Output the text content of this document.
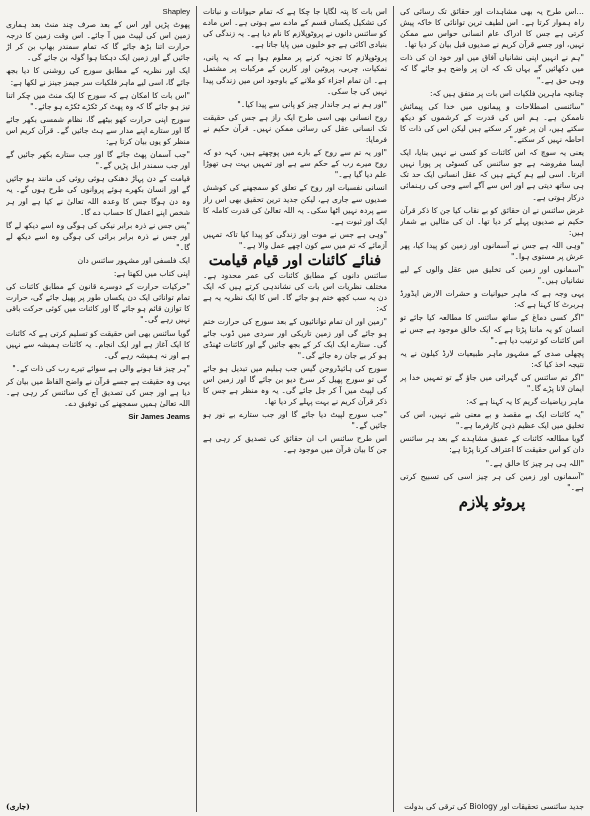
…اس طرح یہ بھی مشاہدات اور حقائق تک رسائی کی راہ ہموار کرتا ہے۔ اس لطیف ترین توانائی کا خاکہ پیش کرتی ہے جس کا ادراک عام انسانی حواس سے ممکن نہیں، اور جسے قرآن کریم نے صدیوں قبل بیان کر دیا تھا۔

"ہم نے انہیں اپنی نشانیاں آفاق میں اور خود ان کی ذات میں دکھائیں گے یہاں تک کہ ان پر واضح ہو جائے گا کہ وہی حق ہے۔"

چنانچہ ماہرین فلکیات اس بات پر متفق ہیں کہ:

"سائنسی اصطلاحات و پیمانوں میں خدا کی پیمائش ناممکن ہے۔ ہم اس کی قدرت کے کرشموں کو دیکھ سکتے ہیں، ان پر غور کر سکتے ہیں لیکن اس کی ذات کا احاطہ نہیں کر سکتے۔"

یعنی یہ سوچ کہ اس کائنات کو کسی نے نہیں بنایا، ایک ایسا مفروضہ ہے جو سائنس کی کسوٹی پر پورا نہیں اترتا۔ اسی لیے ہم کہتے ہیں کہ عقل انسانی ایک حد تک ہی ساتھ دیتی ہے اور اس سے آگے اسے وحی کی رہنمائی درکار ہوتی ہے۔

غرض سائنس نے ان حقائق کو بے نقاب کیا جن کا ذکر قرآن حکیم نے صدیوں پہلے کر دیا تھا۔ ان کی مثالیں بے شمار ہیں:

"وہی اللہ ہے جس نے آسمانوں اور زمین کو پیدا کیا، پھر عرش پر مستوی ہوا۔"

"آسمانوں اور زمین کی تخلیق میں عقل والوں کے لیے نشانیاں ہیں۔"

یہی وجہ ہے کہ ماہر حیوانیات و حشرات الارض ایڈورڈ ہربرٹ کا کہنا ہے کہ:

"اگر کسی دماغ کے ساتھ سائنس کا مطالعہ کیا جائے تو انسان کو یہ ماننا پڑتا ہے کہ ایک خالق موجود ہے جس نے اس کائنات کو ترتیب دیا ہے۔"

پچھلی صدی کے مشہور ماہر طبیعیات لارڈ کیلون نے یہ نتیجہ اخذ کیا کہ:

"اگر تم سائنس کی گہرائی میں جاؤ گے تو تمہیں خدا پر ایمان لانا پڑے گا۔"

ماہر ریاضیات گریم کا یہ کہنا ہے کہ:

"یہ کائنات ایک بے مقصد و بے معنی شے نہیں، اس کی تخلیق میں ایک عظیم ذہن کارفرما ہے۔"

گویا مطالعہ کائنات کے عمیق مشاہدے کے بعد ہر سائنس دان کو اس حقیقت کا اعتراف کرنا پڑتا ہے:

"اللہ ہی ہر چیز کا خالق ہے۔"

"آسمانوں اور زمین کی ہر چیز اسی کی تسبیح کرتی ہے۔"

پروٹو پلازم
جدید سائنسی تحقیقات اور Biology کی ترقی کی بدولت

اس بات کا پتہ لگایا جا چکا ہے کہ تمام حیوانات و نباتات کی تشکیل یکساں قسم کے مادے سے ہوتی ہے۔ اس مادے کو سائنس دانوں نے پروٹوپلازم کا نام دیا ہے۔ یہ زندگی کی بنیادی اکائی ہے جو خلیوں میں پایا جاتا ہے۔

پروٹوپلازم کا تجزیہ کرنے پر معلوم ہوا ہے کہ یہ پانی، نمکیات، چربی، پروٹین اور کاربن کے مرکبات پر مشتمل ہے۔ ان تمام اجزاء کو ملانے کے باوجود اس میں زندگی پیدا نہیں کی جا سکی۔

"اور ہم نے ہر جاندار چیز کو پانی سے پیدا کیا۔"

روح انسانی بھی اسی طرح ایک راز ہے جس کی حقیقت تک انسانی عقل کی رسائی ممکن نہیں۔ قرآن حکیم نے فرمایا:

"اور یہ تم سے روح کے بارے میں پوچھتے ہیں، کہہ دو کہ روح میرے رب کے حکم سے ہے اور تمہیں بہت ہی تھوڑا علم دیا گیا ہے۔"

انسانی نفسیات اور روح کے تعلق کو سمجھنے کی کوشش صدیوں سے جاری ہے، لیکن جدید ترین تحقیق بھی اس راز سے پردہ نہیں اٹھا سکی۔ یہ اللہ تعالیٰ کی قدرت کاملہ کا ایک اور ثبوت ہے۔

"وہی ہے جس نے موت اور زندگی کو پیدا کیا تاکہ تمہیں آزمائے کہ تم میں سے کون اچھے عمل والا ہے۔"

فنائے کائنات اور قیام قیامت

سائنس دانوں کے مطابق کائنات کی عمر محدود ہے۔ مختلف نظریات اس بات کی نشاندہی کرتے ہیں کہ ایک دن یہ سب کچھ ختم ہو جائے گا۔ اس کا ایک نظریہ یہ ہے کہ:

"زمین اور ان تمام توانائیوں کے بعد سورج کی حرارت ختم ہو جائے گی اور زمین تاریکی اور سردی میں ڈوب جائے گی۔ ستارے ایک ایک کر کے بجھ جائیں گے اور کائنات ٹھنڈی ہو کر بے جان رہ جائے گی۔"

سورج کی ہائیڈروجن گیس جب ہیلیم میں تبدیل ہو جائے گی تو سورج پھیل کر سرخ دیو بن جائے گا اور زمین اس کی لپیٹ میں آ کر جل جائے گی۔ یہ وہ منظر ہے جس کا ذکر قرآن کریم نے بہت پہلے کر دیا تھا۔

"جب سورج لپیٹ دیا جائے گا اور جب ستارے بے نور ہو جائیں گے۔"

اس طرح سائنس اب ان حقائق کی تصدیق کر رہی ہے جن کا بیان قرآن میں موجود ہے۔

Shapley

پھوٹ پڑیں اور اس کے بعد صرف چند منٹ بعد ہماری زمین اس کی لپیٹ میں آ جائے۔ اس وقت زمین کا درجہ حرارت اتنا بڑھ جائے گا کہ تمام سمندر بھاپ بن کر اڑ جائیں گے اور زمین ایک دہکتا ہوا گولہ بن جائے گی۔

ایک اور نظریہ کے مطابق سورج کی روشنی کا دیا بجھ جائے گا، اسی لیے ماہر فلکیات سر جیمز جینز نے لکھا ہے:

"اس بات کا امکان ہے کہ سورج کا ایک منٹ میں چکر اتنا تیز ہو جائے گا کہ وہ پھٹ کر ٹکڑے ٹکڑے ہو جائے۔"

سورج اپنی حرارت کھو بیٹھے گا، نظام شمسی بکھر جائے گا اور ستارے اپنے مدار سے ہٹ جائیں گے۔ قرآن کریم اس منظر کو یوں بیان کرتا ہے:

"جب آسمان پھٹ جائے گا اور جب ستارے بکھر جائیں گے اور جب سمندر ابل پڑیں گے۔"

قیامت کے دن پہاڑ دھنکی ہوئی روئی کی مانند ہو جائیں گے اور انسان بکھرے ہوئے پروانوں کی طرح ہوں گے۔ یہ وہ دن ہوگا جس کا وعدہ اللہ تعالیٰ نے کیا ہے اور ہر شخص اپنے اعمال کا حساب دے گا۔

"پس جس نے ذرہ برابر نیکی کی ہوگی وہ اسے دیکھ لے گا اور جس نے ذرہ برابر برائی کی ہوگی وہ اسے دیکھ لے گا۔"

ایک فلسفی اور مشہور سائنس دان

اپنی کتاب میں لکھتا ہے:

"حرکیات حرارت کے دوسرے قانون کے مطابق کائنات کی تمام توانائی ایک دن یکساں طور پر پھیل جائے گی، حرارت کا توازن قائم ہو جائے گا اور کائنات میں کوئی حرکت باقی نہیں رہے گی۔"

گویا سائنس بھی اس حقیقت کو تسلیم کرتی ہے کہ کائنات کا ایک آغاز ہے اور ایک انجام۔ یہ کائنات ہمیشہ سے نہیں ہے اور نہ ہمیشہ رہے گی۔

"ہر چیز فنا ہونے والی ہے سوائے تیرے رب کی ذات کے۔"

یہی وہ حقیقت ہے جسے قرآن نے واضح الفاظ میں بیان کر دیا ہے اور جس کی تصدیق آج کی سائنس کر رہی ہے۔ اللہ تعالیٰ ہمیں سمجھنے کی توفیق دے۔

Sir James Jeams

(جاری)
